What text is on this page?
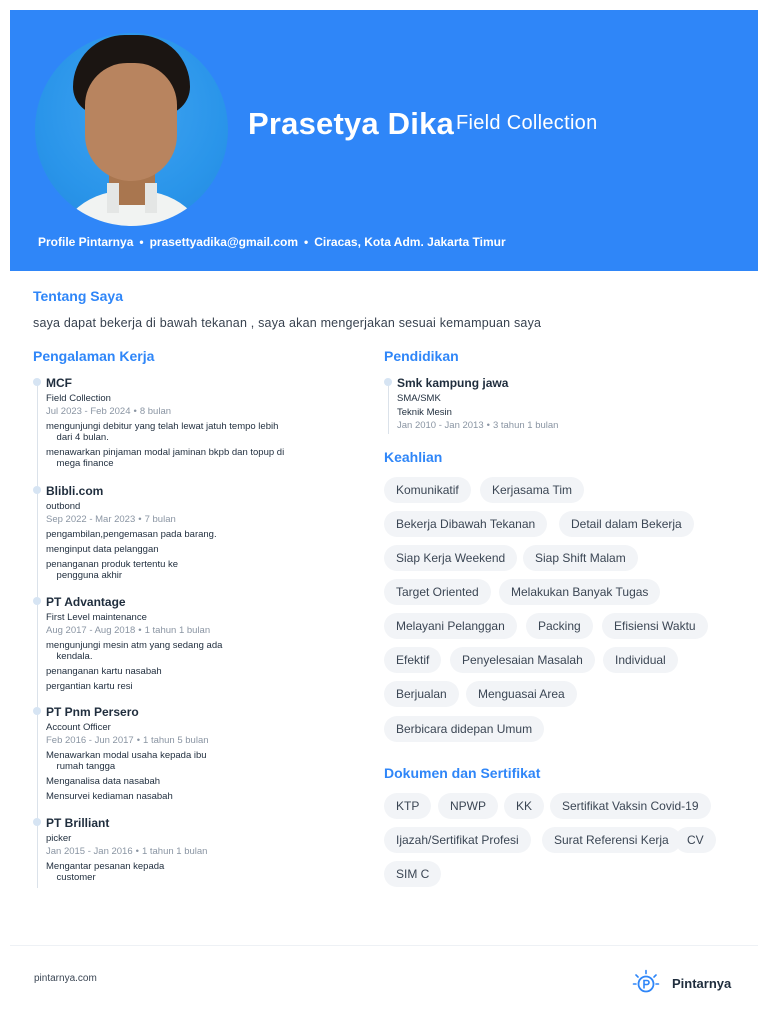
Prasetya Dika Field Collection
Profile Pintarnya • prasettyadika@gmail.com • Ciracas, Kota Adm. Jakarta Timur
Tentang Saya
saya dapat bekerja di bawah tekanan , saya akan mengerjakan sesuai kemampuan saya
Pengalaman Kerja
MCF
Field Collection
Jul 2023 - Feb 2024 • 8 bulan
mengunjungi debitur yang telah lewat jatuh tempo lebih
dari 4 bulan.
menawarkan pinjaman modal jaminan bkpb dan topup di
mega finance
Blibli.com
outbond
Sep 2022 - Mar 2023 • 7 bulan
pengambilan,pengemasan pada barang.
menginput data pelanggan
penanganan produk tertentu ke
pengguna akhir
PT Advantage
First Level maintenance
Aug 2017 - Aug 2018 • 1 tahun 1 bulan
mengunjungi mesin atm yang sedang ada
kendala.
penanganan kartu nasabah
pergantian kartu resi
PT Pnm Persero
Account Officer
Feb 2016 - Jun 2017 • 1 tahun 5 bulan
Menawarkan modal usaha kepada ibu
rumah tangga
Menganalisa data nasabah
Mensurvei kediaman nasabah
PT Brilliant
picker
Jan 2015 - Jan 2016 • 1 tahun 1 bulan
Mengantar pesanan kepada
customer
Pendidikan
Smk kampung jawa
SMA/SMK
Teknik Mesin
Jan 2010 - Jan 2013 • 3 tahun 1 bulan
Keahlian
Komunikatif	Kerjasama Tim
Bekerja Dibawah Tekanan	Detail dalam Bekerja
Siap Kerja Weekend	Siap Shift Malam
Target Oriented	Melakukan Banyak Tugas
Melayani Pelanggan	Packing	Efisiensi Waktu
Efektif	Penyelesaian Masalah	Individual
Berjualan	Menguasai Area
Berbicara didepan Umum
Dokumen dan Sertifikat
KTP	NPWP	KK	Sertifikat Vaksin Covid-19
Ijazah/Sertifikat Profesi	Surat Referensi Kerja	CV
SIM C
pintarnya.com	Pintarnya
